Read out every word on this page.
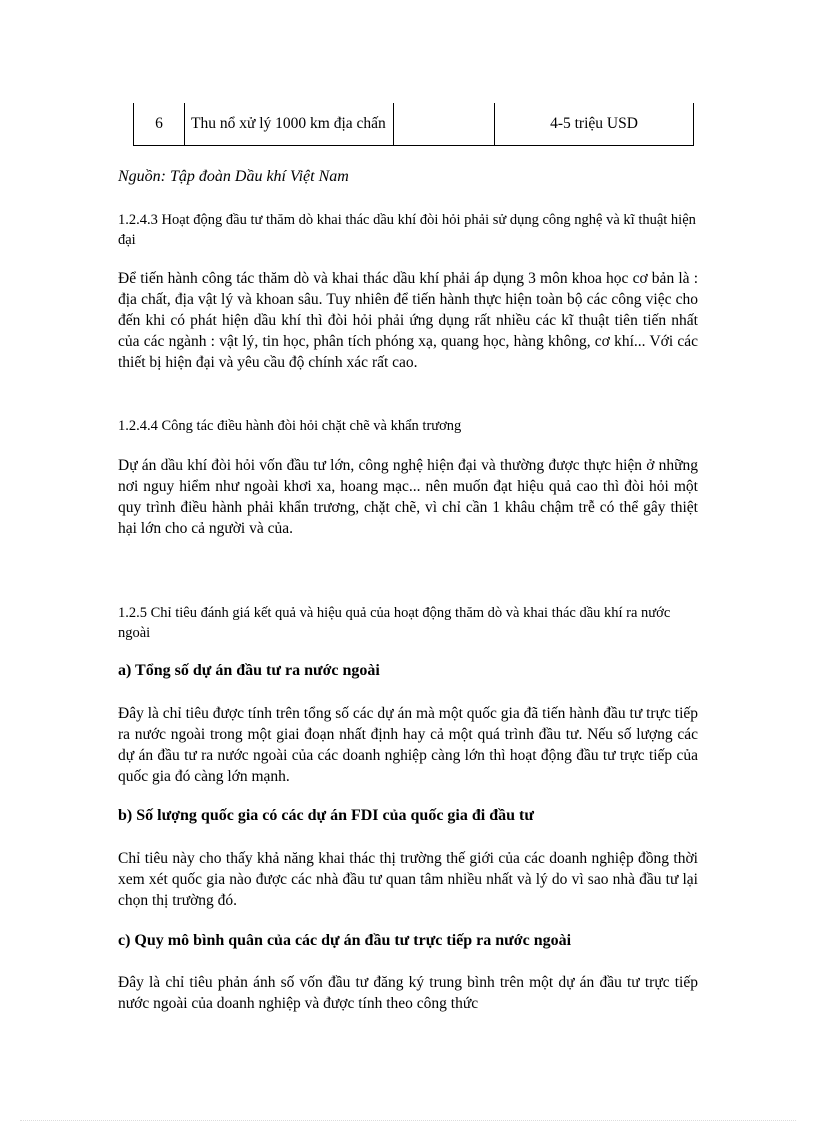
6	Thu nổ xử lý 1000 km địa chấn		4-5 triệu USD
Nguồn: Tập đoàn Dầu khí Việt Nam
1.2.4.3 Hoạt động đầu tư thăm dò khai thác dầu khí đòi hỏi phải sử dụng công nghệ và kĩ thuật hiện đại
Để tiến hành công tác thăm dò và khai thác dầu khí phải áp dụng 3 môn khoa học cơ bản là : địa chất, địa vật lý và khoan sâu. Tuy nhiên để tiến hành thực hiện toàn bộ các công việc cho đến khi có phát hiện dầu khí thì đòi hỏi phải ứng dụng rất nhiều các kĩ thuật tiên tiến nhất của các ngành : vật lý, tin học, phân tích phóng xạ, quang học, hàng không, cơ khí... Với các thiết bị hiện đại và yêu cầu độ chính xác rất cao.
1.2.4.4 Công tác điều hành đòi hỏi chặt chẽ và khẩn trương
Dự án dầu khí đòi hỏi vốn đầu tư lớn, công nghệ hiện đại và thường được thực hiện ở những nơi nguy hiểm như ngoài khơi xa, hoang mạc... nên muốn đạt hiệu quả cao thì đòi hỏi một quy trình điều hành phải khẩn trương, chặt chẽ, vì chỉ cần 1 khâu chậm trễ có thể gây thiệt hại lớn cho cả người và của.
1.2.5 Chỉ tiêu đánh giá kết quả và hiệu quả của hoạt động thăm dò và khai thác dầu khí ra nước ngoài
a) Tổng số dự án đầu tư ra nước ngoài
Đây là chỉ tiêu được tính trên tổng số các dự án mà một quốc gia đã tiến hành đầu tư trực tiếp ra nước ngoài trong một giai đoạn nhất định hay cả một quá trình đầu tư. Nếu số lượng các dự án đầu tư ra nước ngoài của các doanh nghiệp càng lớn thì hoạt động đầu tư trực tiếp của quốc gia đó càng lớn mạnh.
b) Số lượng quốc gia có các dự án FDI của quốc gia đi đầu tư
Chỉ tiêu này cho thấy khả năng khai thác thị trường thế giới của các doanh nghiệp đồng thời xem xét quốc gia nào được các nhà đầu tư quan tâm nhiều nhất và lý do vì sao nhà đầu tư lại chọn thị trường đó.
c) Quy mô bình quân của các dự án đầu tư trực tiếp ra nước ngoài
Đây là chỉ tiêu phản ánh số vốn đầu tư đăng ký trung bình trên một dự án đầu tư trực tiếp nước ngoài của doanh nghiệp và được tính theo công thức
